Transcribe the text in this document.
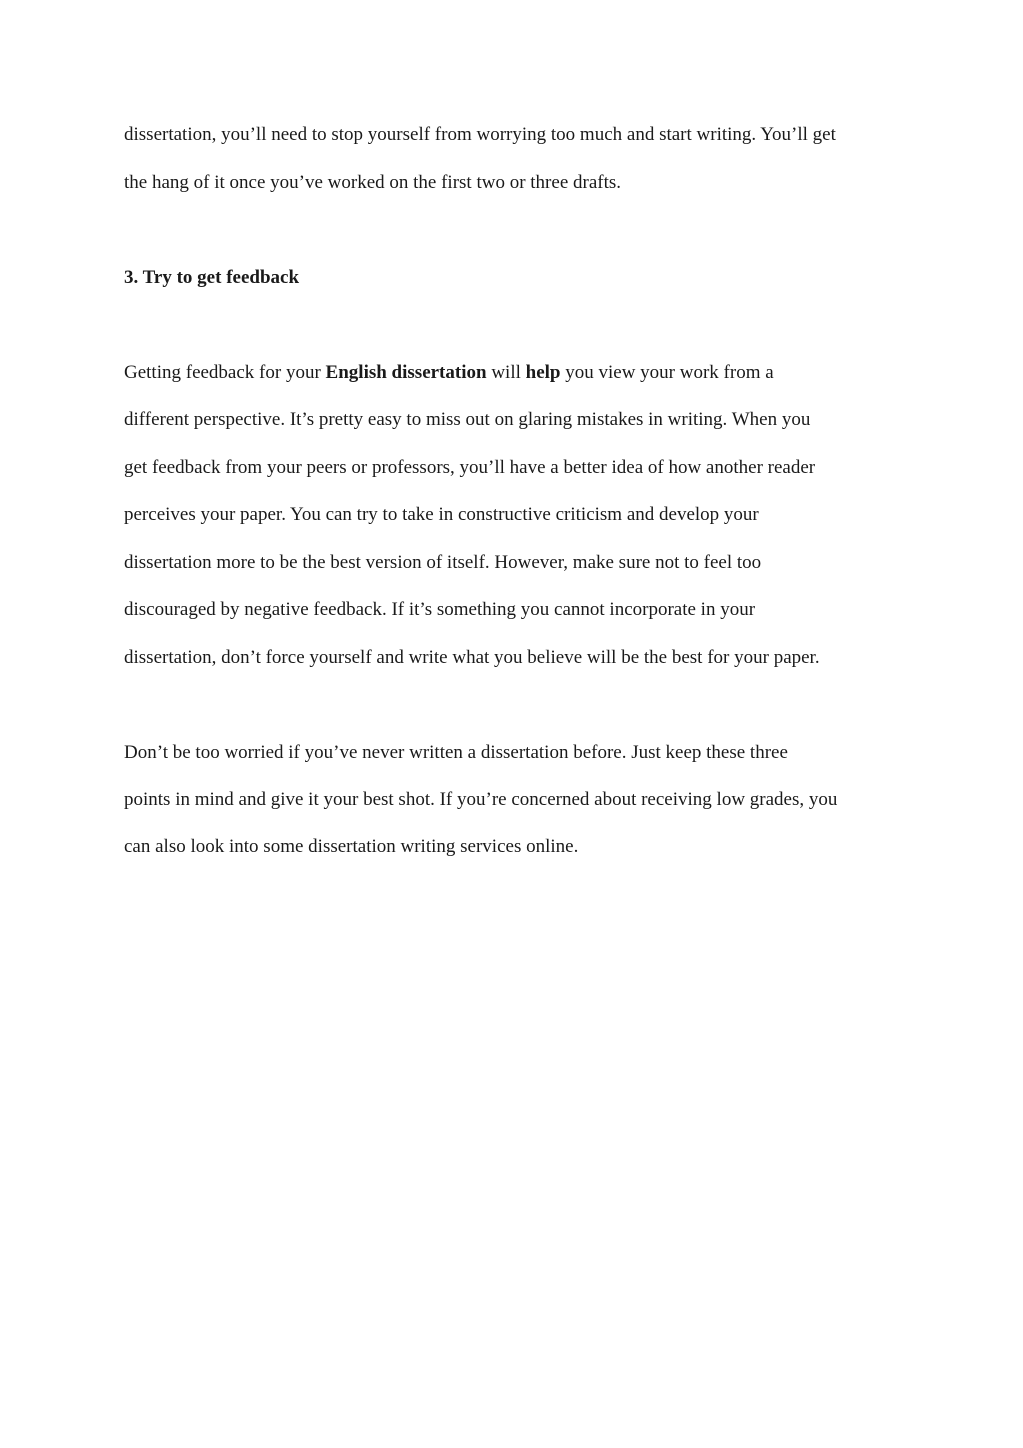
dissertation, you’ll need to stop yourself from worrying too much and start writing. You’ll get
the hang of it once you’ve worked on the first two or three drafts.
3. Try to get feedback
Getting feedback for your English dissertation will help you view your work from a
different perspective. It’s pretty easy to miss out on glaring mistakes in writing. When you
get feedback from your peers or professors, you’ll have a better idea of how another reader
perceives your paper. You can try to take in constructive criticism and develop your
dissertation more to be the best version of itself. However, make sure not to feel too
discouraged by negative feedback. If it’s something you cannot incorporate in your
dissertation, don’t force yourself and write what you believe will be the best for your paper.
Don’t be too worried if you’ve never written a dissertation before. Just keep these three
points in mind and give it your best shot. If you’re concerned about receiving low grades, you
can also look into some dissertation writing services online.
